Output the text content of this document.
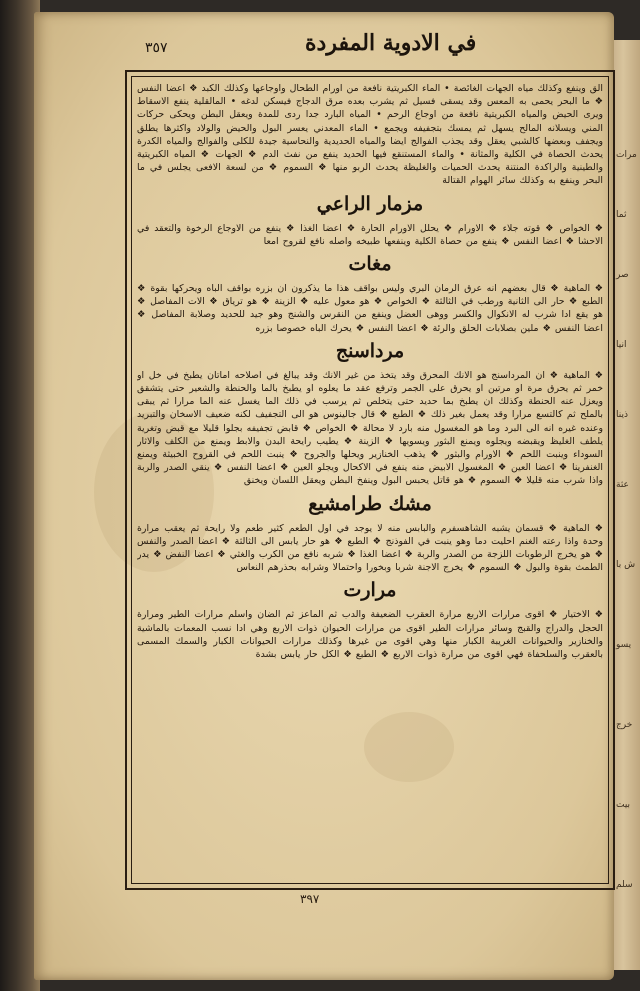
مرات
ثما
صر
انيا
ذينا
عثة
ش با
يسو
خرج
بيت
سلم
٣٥٧	في الادوية المفردة

الق وينفع وكذلك مياه الجهات الغائصة • الماء الكبريتية نافعة من اورام الطحال واوجاعها وكذلك الكبد ❖ اعضا النفس ❖ ما البحر يحمى به المعس وقد يسقى فسيل ثم يشرب بعده مرق الدجاج فيسكن لدغه • المالقلية ينفع الاسقاط ويرى الحيض والمياه الكبريتية نافعة من اوجاع الرحم • المياه البارد جدا ردى للمدة ويعقل البطن ويحكى حركات المني ويسلانه المالح يسهل ثم يمسك بتجفيفه ويجمع • الماء المعدني يعسر البول والحيض والولاد واكثرها يطلق ويجفف وبعضها كالشبي يعقل وقد يجذب الفوالج ايضا والمياه الحديدية والنحاسية جيدة للكلى والفوالج والمياه الكدرة يحدث الحصاة في الكلية والمثانة • والماء المستنقع فيها الحديد ينفع من نفث الدم ❖ الجهات ❖ المياه الكبريتية والطينية والراكدة المنتنة يحدث الحميات والغليظة يحدث الربو منها ❖ السموم ❖ من لسعة الافعى يجلس في ما البحر وينفع به وكذلك سائر الهوام القتالة

مزمار الراعي

❖ الخواص ❖ قوته جلاء ❖ الاورام ❖ يحلل الاورام الحارة ❖ اعضا الغذا ❖ ينفع من الاوجاع الرخوة والتعقد في الاحشا ❖ اعضا النفس ❖ ينفع من حصاة الكلية وينفعها طبيخه واصله نافع لقروح امعا

مغات

❖ الماهية ❖ قال بعضهم انه عرق الرمان البري وليس بواقف هذا ما يذكرون ان بزره بواقف الباه ويحركها بقوة ❖ الطبع ❖ حار الى الثانية ورطب في الثالثة ❖ الخواص ❖ هو معول عليه ❖ الزينة ❖ هو ترياق ❖ الات المفاصل ❖ هو يقع ادا شرب له الانكوال والكسر ووهى العضل وينفع من النقرس والشنج وهو جيد للحديد وصلابة المفاصل ❖ اعضا النفس ❖ ملين بصلابات الحلق والرئة ❖ اعضا النفس ❖ يحرك الباه خصوصا بزره

مرداسنج

❖ الماهية ❖ ان المرداسنج هو الانك المحرق وقد يتخذ من غير الانك وقد يبالغ في اصلاحه اماتان يطبخ في خل او خمر ثم يحرق مرة او مرتين او يحرق على الجمر وترفع عقد ما يعلوه او يطبخ بالما والحنطة والشعير حتى يتشقق ويعزل عنه الحنطة وكذلك ان يطبخ بما حديد حتى يتخلص ثم يرسب في ذلك الما يغسل عنه الما مرارا ثم يبقى بالملح ثم كالتسع مرارا وقد يعمل بغير ذلك ❖ الطبع ❖ قال جالينوس هو الى التجفيف لكنه ضعيف الاسخان والتبريد وعنده غيره انه الى البرد وما هو المغسول منه بارد لا محالة ❖ الخواص ❖ قابض تجفيفه بجلوا قليلا مع قبض وتغرية يلطف الغليظ ويقبضه ويجلوه ويمنع البثور ويسويها ❖ الزينة ❖ يطيب رايحة البدن والابط ويمنع من الكلف والاثار السوداء وينبت اللحم ❖ الاورام والبثور ❖ يذهب الخنازير ويحلها والجروح ❖ ينبت اللحم في القروح الخبيثة ويمنع الغنفرينا ❖ اعضا العين ❖ المغسول الابيض منه ينفع في الاكحال ويجلو العين ❖ اعضا النفس ❖ ينقي الصدر والربة واذا شرب منه قليلا ❖ السموم ❖ هو قاتل يحبس البول وينفخ البطن ويعقل اللسان ويخنق

مشك طرامشيع

❖ الماهية ❖ قسمان يشبه الشاهسفرم والبابس منه لا يوجد في اول الطعم كثير طعم ولا رايحة ثم يعقب مرارة وحدة واذا رعته الغنم احليت دما وهو ينبت في الفوذنج ❖ الطبع ❖ هو حار يابس الى الثالثة ❖ اعضا الصدر والنفس ❖ هو يخرج الرطوبات اللزجة من الصدر والربة ❖ اعضا الغذا ❖ شربه نافع من الكرب والغثي ❖ اعضا النفض ❖ يدر الطمث بقوة والبول ❖ السموم ❖ يخرج الاجنة شربا وبخورا واحتمالا وشرابه بحذرهم النعاس

مرارت

❖ الاختيار ❖ اقوى مرارات الاربع مرارة العقرب الضعيفة والدب ثم الماعز ثم الضان واسلم مرارات الطير ومرارة الحجل والدراج والقبج وسائر مرارات الطير اقوى من مرارات الحيوان ذوات الاربع وهي ادا نسب المعمات بالماشية والخنازير والحيوانات الغريبة الكبار منها وهي اقوى من غيرها وكذلك مرارات الحيوانات الكبار والسمك المسمى بالعقرب والسلحفاة فهي اقوى من مرارة ذوات الاربع ❖ الطبع ❖ الكل حار يابس بشدة

٣٩٧
